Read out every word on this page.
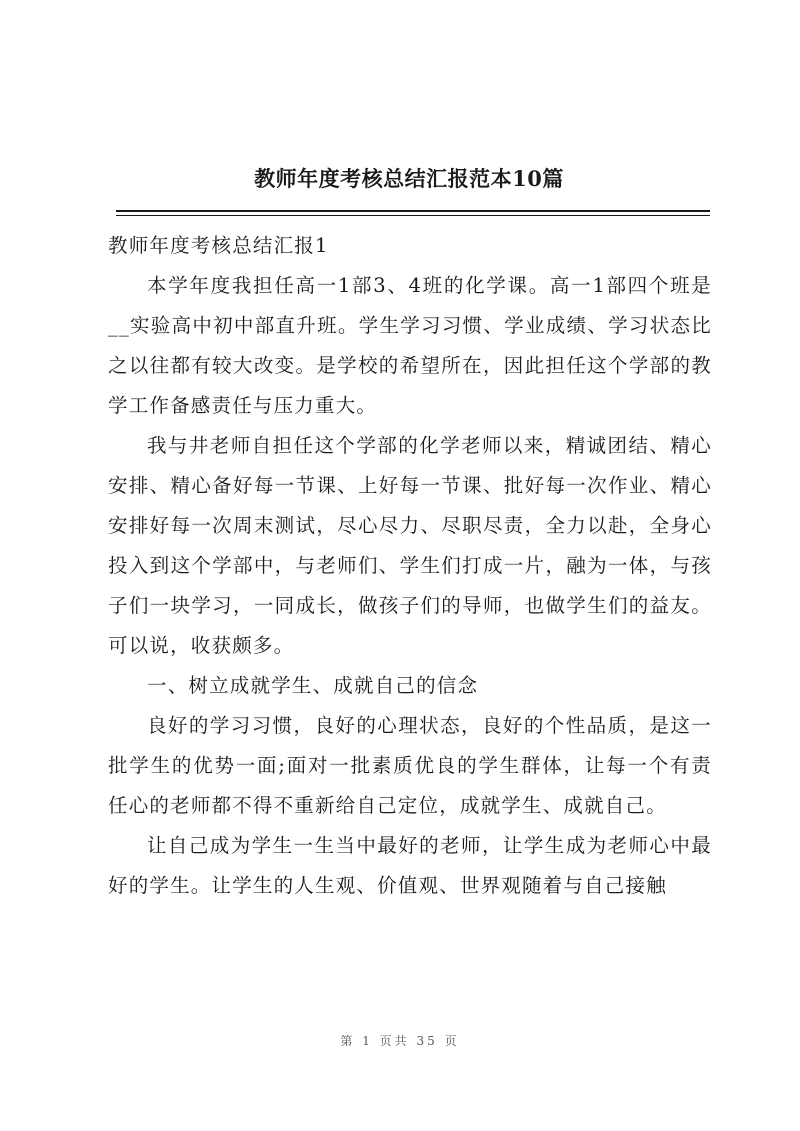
教师年度考核总结汇报范本10篇

教师年度考核总结汇报1

本学年度我担任高一1部3、4班的化学课。高一1部四个班是__实验高中初中部直升班。学生学习习惯、学业成绩、学习状态比之以往都有较大改变。是学校的希望所在，因此担任这个学部的教学工作备感责任与压力重大。

我与井老师自担任这个学部的化学老师以来，精诚团结、精心安排、精心备好每一节课、上好每一节课、批好每一次作业、精心安排好每一次周末测试，尽心尽力、尽职尽责，全力以赴，全身心投入到这个学部中，与老师们、学生们打成一片，融为一体，与孩子们一块学习，一同成长，做孩子们的导师，也做学生们的益友。可以说，收获颇多。

一、树立成就学生、成就自己的信念

良好的学习习惯，良好的心理状态，良好的个性品质，是这一批学生的优势一面;面对一批素质优良的学生群体，让每一个有责任心的老师都不得不重新给自己定位，成就学生、成就自己。

让自己成为学生一生当中最好的老师，让学生成为老师心中最好的学生。让学生的人生观、价值观、世界观随着与自己接触

第 1 页共 35 页
